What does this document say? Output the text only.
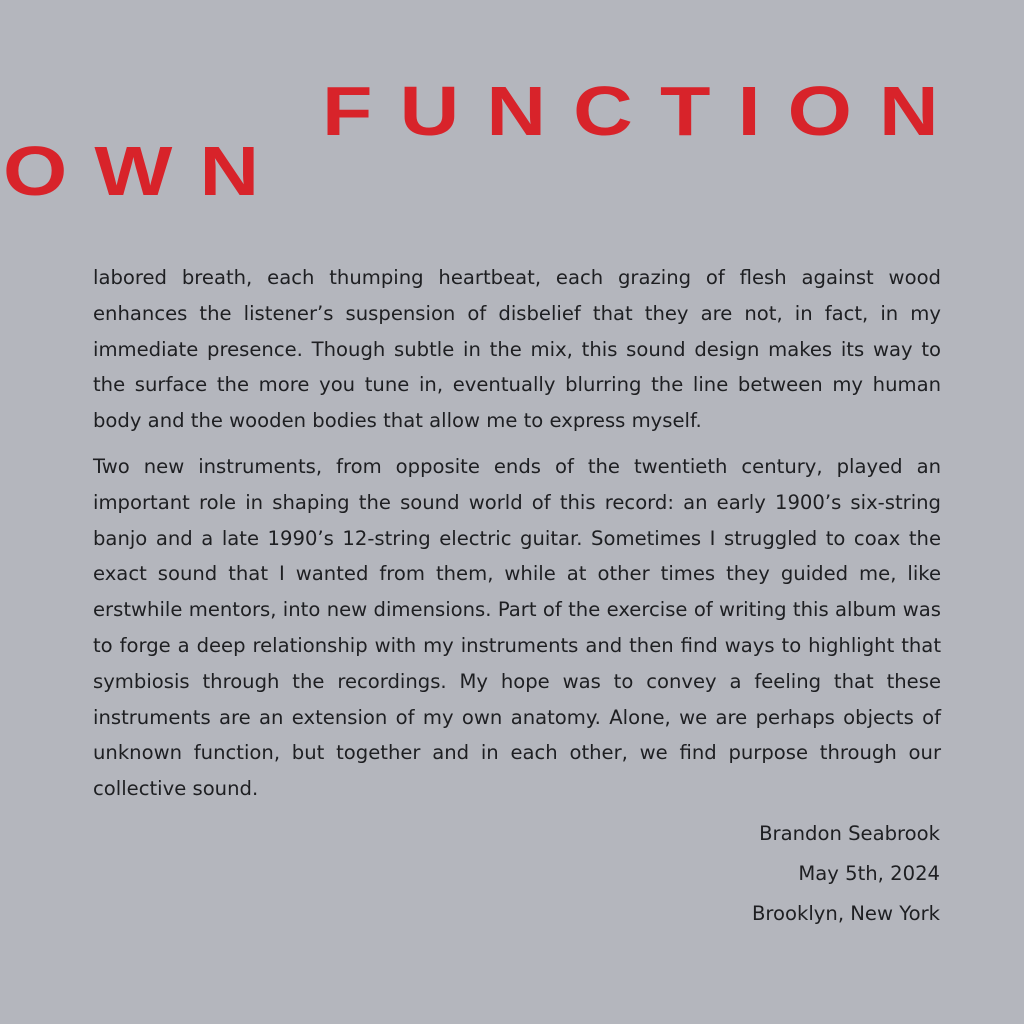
FUNCTION
OWN

labored breath, each thumping heartbeat, each grazing of flesh against wood enhances the listener’s suspension of disbelief that they are not, in fact, in my immediate presence. Though subtle in the mix, this sound design makes its way to the surface the more you tune in, eventually blurring the line between my human body and the wooden bodies that allow me to express myself.

Two new instruments, from opposite ends of the twentieth century, played an important role in shaping the sound world of this record: an early 1900’s six-string banjo and a late 1990’s 12-string electric guitar. Sometimes I struggled to coax the exact sound that I wanted from them, while at other times they guided me, like erstwhile mentors, into new dimensions. Part of the exercise of writing this album was to forge a deep relationship with my instruments and then find ways to highlight that symbiosis through the recordings. My hope was to convey a feeling that these instruments are an extension of my own anatomy. Alone, we are perhaps objects of unknown function, but together and in each other, we find purpose through our collective sound.

Brandon Seabrook
May 5th, 2024
Brooklyn, New York
